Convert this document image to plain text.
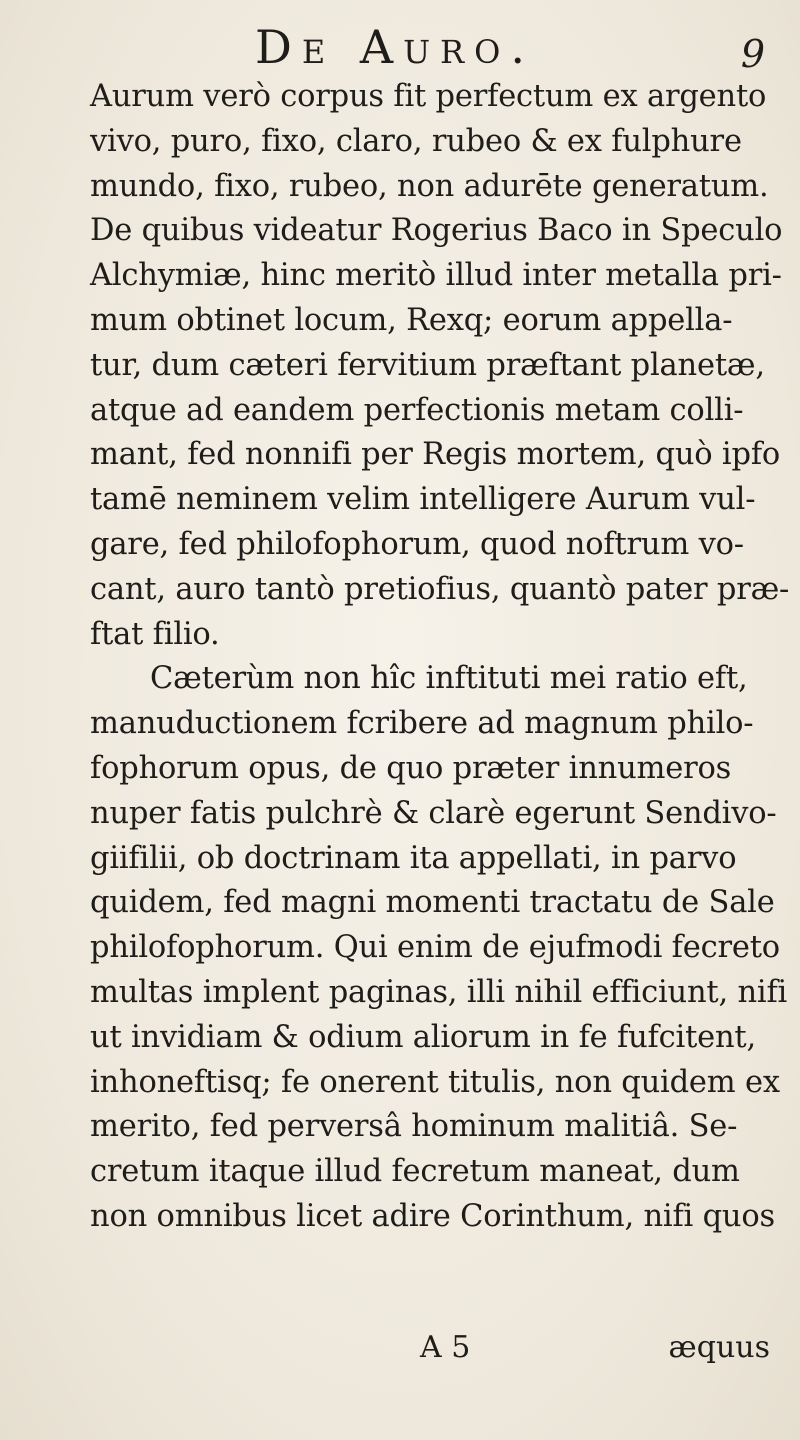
De Auro.	9
Aurum verò corpus fit perfectum ex argento
vivo, puro, fixo, claro, rubeo & ex fulphure
mundo, fixo, rubeo, non adurēte generatum.
De quibus videatur Rogerius Baco in Speculo
Alchymiæ, hinc meritò illud inter metalla pri-
mum obtinet locum, Rexq; eorum appella-
tur, dum cæteri fervitium præftant planetæ,
atque ad eandem perfectionis metam colli-
mant, fed nonnifi per Regis mortem, quò ipfo
tamē neminem velim intelligere Aurum vul-
gare, fed philofophorum, quod noftrum vo-
cant, auro tantò pretiofius, quantò pater præ-
ftat filio.
Cæterùm non hîc inftituti mei ratio eft,
manuductionem fcribere ad magnum philo-
fophorum opus, de quo præter innumeros
nuper fatis pulchrè & clarè egerunt Sendivo-
giifilii, ob doctrinam ita appellati, in parvo
quidem, fed magni momenti tractatu de Sale
philofophorum. Qui enim de ejufmodi fecreto
multas implent paginas, illi nihil efficiunt, nifi
ut invidiam & odium aliorum in fe fufcitent,
inhoneftisq; fe onerent titulis, non quidem ex
merito, fed perversâ hominum malitiâ. Se-
cretum itaque illud fecretum maneat, dum
non omnibus licet adire Corinthum, nifi quos
A 5	æquus
